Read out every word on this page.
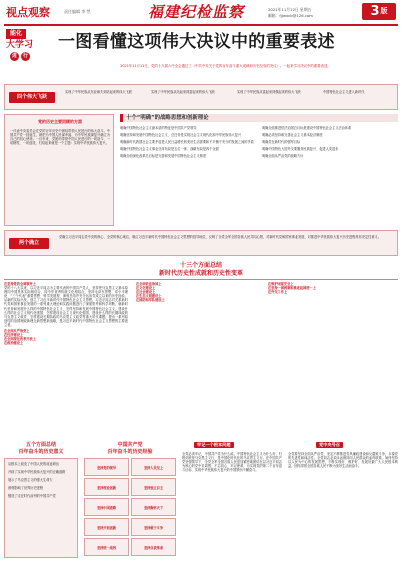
视点观察	责任编辑 李 然	福建纪检监察	2021年11月12日 星期五
邮箱：fjjwxcb@126.com	3 版
能化
大学习
进	行
一图看懂这项伟大决议中的重要表述
2021年11月11日，党的十九届六中全会通过了《中共中央关于党的百年奋斗重大成就和历史经验的决议》。一起来学习决议中的重要表述。
四个伟大飞跃
实现了中华民族从东亚病夫到站起来的伟大飞跃	实现了中华民族从站起来到富起来的伟大飞跃	实现了中华民族从富起来到强起来的伟大飞跃	中国特色社会主义进入新时代
党的历史主要回顾的方面
一代表中央委员会在党的百年历史中团结带领人民进行的伟大奋斗。中国共产党一经诞生，就把为中国人民谋幸福、为中华民族谋复兴确立为自己的初心使命。一百年来，党团结带领中国人民进行的一切奋斗、一切牺牲、一切创造，归结起来就是一个主题：实现中华民族伟大复兴。
十个“明确”的战略思想和创新理论
明确中国特色社会主义最本质的特征是中国共产党领导
明确坚持和发展中国特色社会主义，总任务是实现社会主义现代化和中华民族伟大复兴
明确新时代我国社会主要矛盾是人民日益增长的美好生活需要和不平衡不充分的发展之间的矛盾
明确中国特色社会主义事业总体布局是五位一体、战略布局是四个全面
明确全面深化改革总目标是完善和发展中国特色社会主义制度
明确全面推进依法治国总目标是建设中国特色社会主义法治体系
明确必须坚持和完善社会主义基本经济制度
明确党在新时代的强军目标
明确中国特色大国外交要服务民族复兴、促进人类进步
明确全面从严治党的战略方针
两个确立
党确立习近平同志党中央的核心、全党的核心地位，确立习近平新时代中国特色社会主义思想的指导地位，反映了全党全军全国各族人民共同心愿，对新时代党和国家事业发展、对推进中华民族伟大复兴历史进程具有决定性意义。
十三个方面总结
新时代历史性成就和历史性变革
在坚持党的全面领导上
党的十八大以来，以习近平同志为主要代表的中国共产党人，坚持把马克思主义基本原理同中国具体实际相结合、同中华优秀传统文化相结合，坚持毛泽东思想、邓小平理论、“三个代表”重要思想、科学发展观，深刻总结并充分运用党成立以来的历史经验，从新的实际出发，创立了习近平新时代中国特色社会主义思想。习近平同志对关系新时代党和国家事业发展的一系列重大理论和实践问题进行了深邃思考和科学判断，就新时代坚持和发展什么样的中国特色社会主义、怎样坚持和发展中国特色社会主义，建设什么样的社会主义现代化强国、怎样建设社会主义现代化强国，建设什么样的长期执政的马克思主义政党、怎样建设长期执政的马克思主义政党等重大时代课题，提出一系列原创性的治国理政新理念新思想新战略，是习近平新时代中国特色社会主义思想的主要创立者。
在全面从严治党上
在经济建设上
在全面深化改革开放上
在政治建设上
在全面依法治国上
在文化建设上
在社会建设上
在生态文明建设上
在国防和军队建设上
在维护国家安全上
在坚持一国两制和推进祖国统一上
在外交工作上
五个方面总结
百年奋斗的历史意义
从根本上改变了中国人民的前途命运
开辟了实现中华民族伟大复兴的正确道路
展示了马克思主义的强大生命力
深刻影响了世界历史进程
锻造了走在时代前列的中国共产党
中国共产党
百年奋斗的历史经验
坚持党的领导	坚持人民至上
坚持理论创新	坚持独立自主
坚持中国道路	坚持胸怀天下
坚持开拓创新	坚持敢于斗争
坚持统一战线	坚持自我革命
牢记一个根本问题
全党必须牢记，中国共产党为什么能，中国特色社会主义为什么好，归根到底是马克思主义行，是中国化时代化的马克思主义行。在中国共产党坚强领导下，全党全军全国各族人民更加紧密地团结在以习近平同志为核心的党中央周围，不忘初心、牢记使命，为实现党的第二个百年奋斗目标、实现中华民族伟大复兴的中国梦而不懈奋斗。
党中央号召
全党要坚持全面从严治党，坚定不移推进党风廉政建设和反腐败斗争，永葆党的先进性和纯洁性。全党同志必须永远保持同人民群众的血肉联系，始终坚持以人民为中心的发展思想，不断实现好、维护好、发展好最广大人民根本利益，团结带领全国各族人民不断为美好生活而奋斗。
